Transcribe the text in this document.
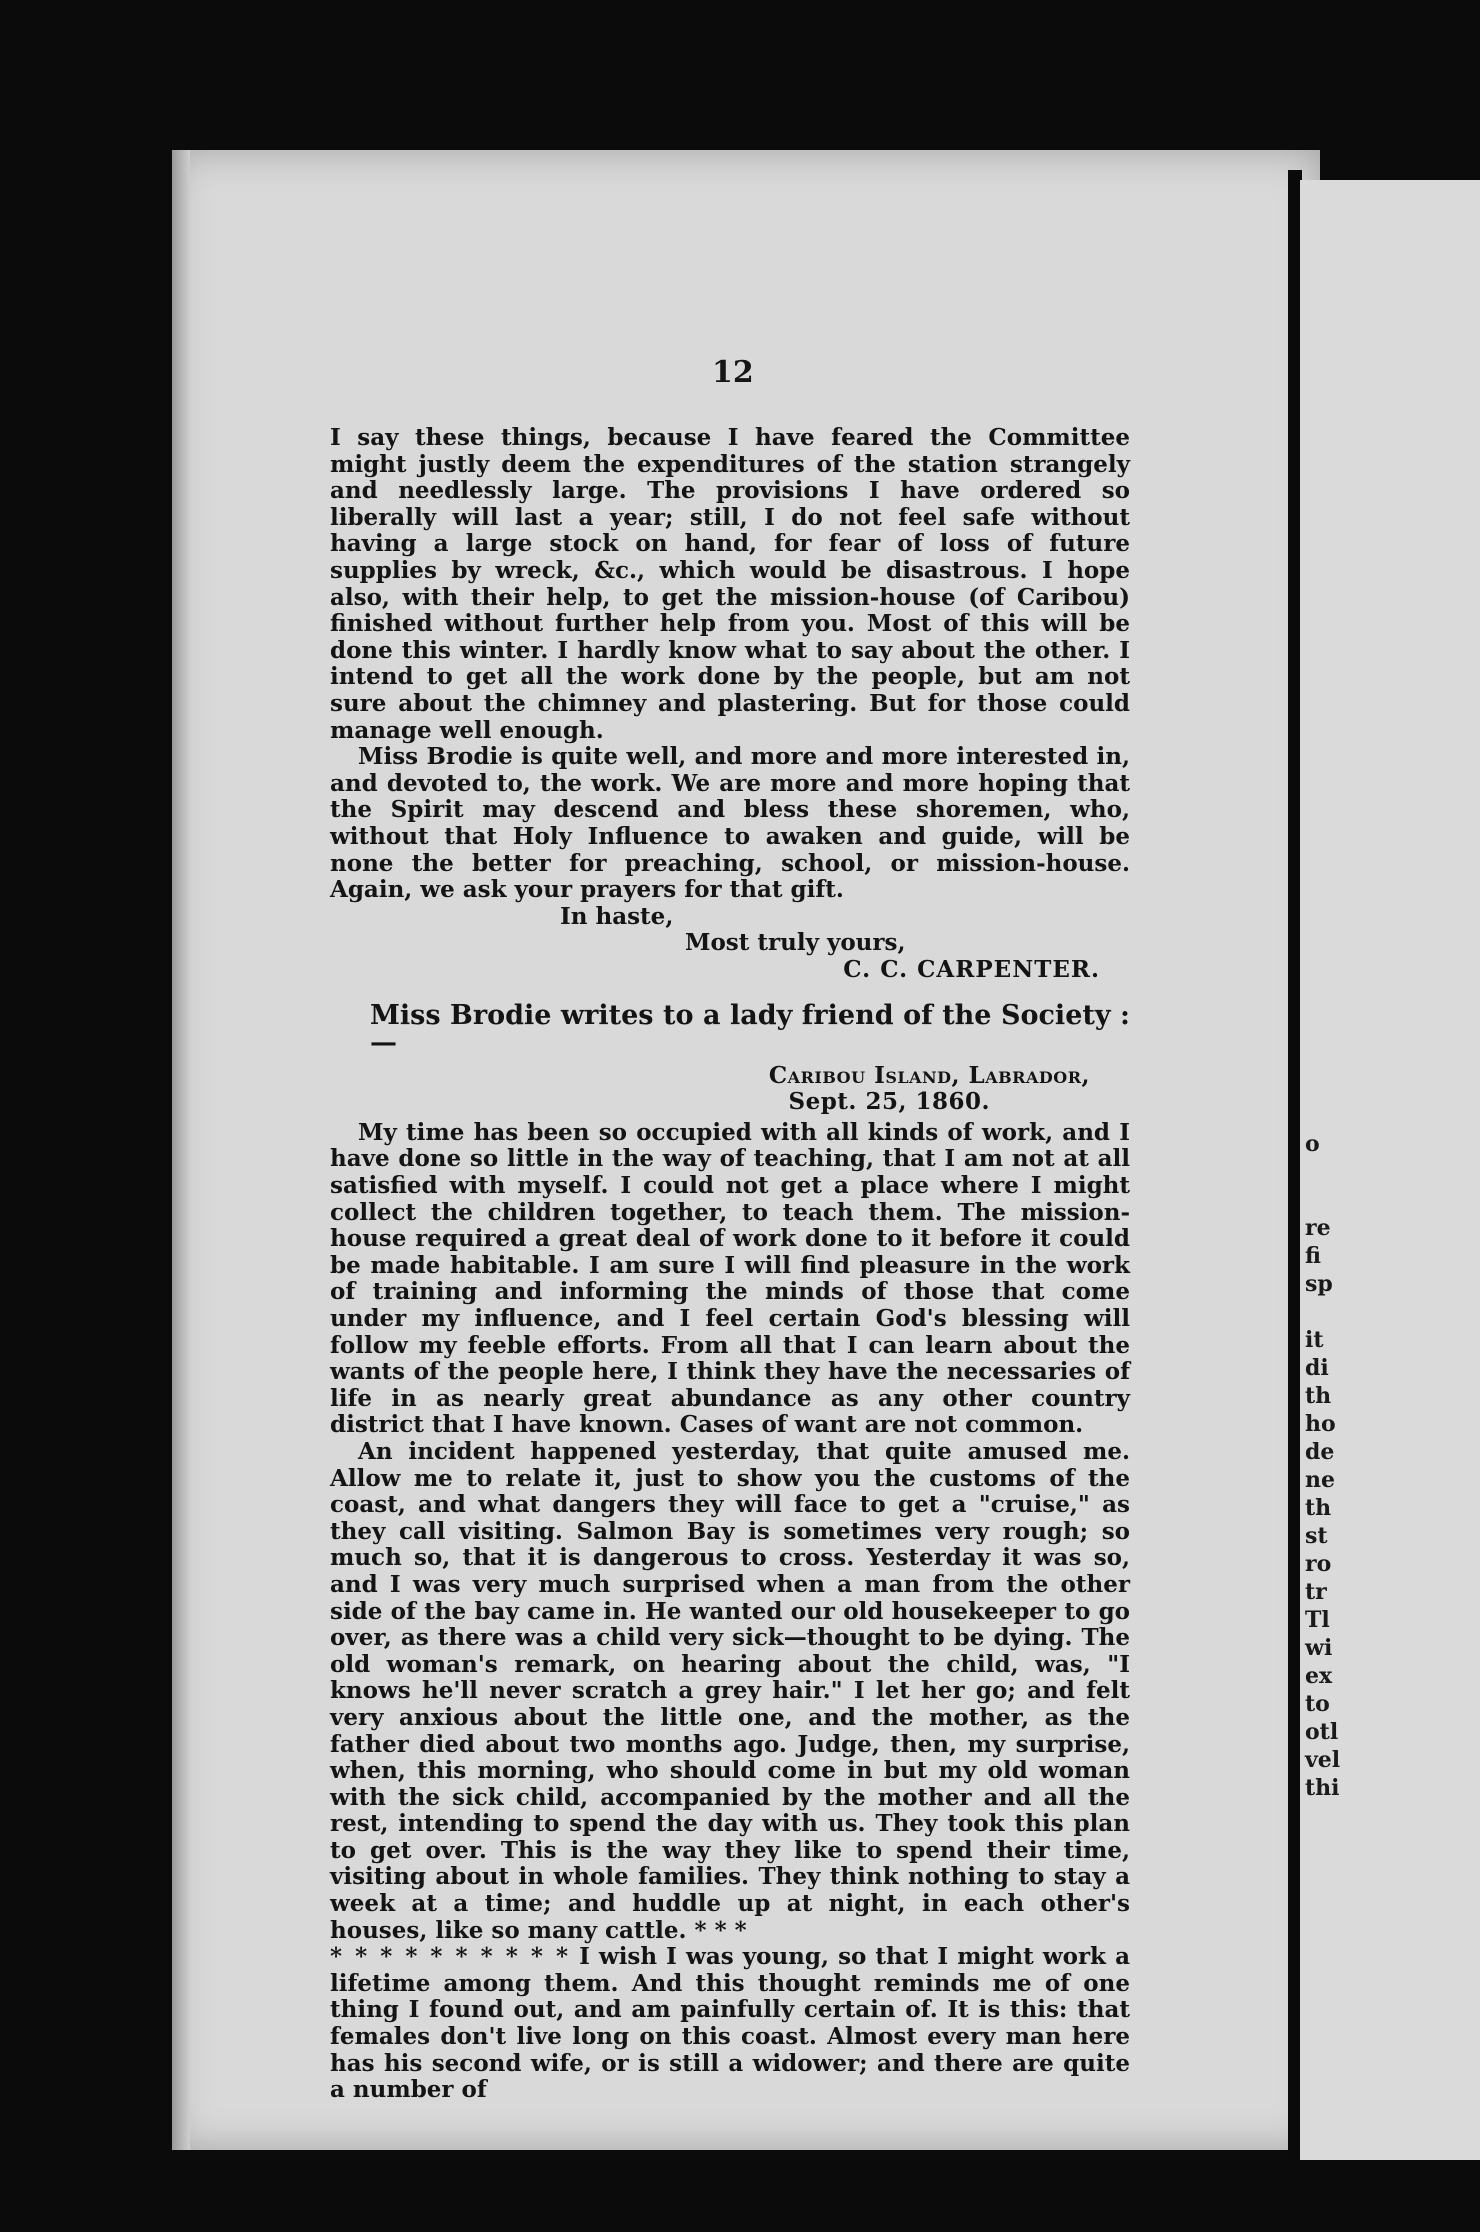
12

I say these things, because I have feared the Committee might justly deem the expenditures of the station strangely and needlessly large. The provisions I have ordered so liberally will last a year; still, I do not feel safe without having a large stock on hand, for fear of loss of future supplies by wreck, &c., which would be disastrous. I hope also, with their help, to get the mission-house (of Caribou) finished without further help from you. Most of this will be done this winter. I hardly know what to say about the other. I intend to get all the work done by the people, but am not sure about the chimney and plastering. But for those could manage well enough.

Miss Brodie is quite well, and more and more interested in, and devoted to, the work. We are more and more hoping that the Spirit may descend and bless these shoremen, who, without that Holy Influence to awaken and guide, will be none the better for preaching, school, or mission-house. Again, we ask your prayers for that gift.

In haste,
Most truly yours,
C. C. CARPENTER.
Miss Brodie writes to a lady friend of the Society :—
Caribou Island, Labrador,
Sept. 25, 1860.

My time has been so occupied with all kinds of work, and I have done so little in the way of teaching, that I am not at all satisfied with myself. I could not get a place where I might collect the children together, to teach them. The mission-house required a great deal of work done to it before it could be made habitable. I am sure I will find pleasure in the work of training and informing the minds of those that come under my influence, and I feel certain God's blessing will follow my feeble efforts. From all that I can learn about the wants of the people here, I think they have the necessaries of life in as nearly great abundance as any other country district that I have known. Cases of want are not common.

An incident happened yesterday, that quite amused me. Allow me to relate it, just to show you the customs of the coast, and what dangers they will face to get a "cruise," as they call visiting. Salmon Bay is sometimes very rough; so much so, that it is dangerous to cross. Yesterday it was so, and I was very much surprised when a man from the other side of the bay came in. He wanted our old housekeeper to go over, as there was a child very sick—thought to be dying. The old woman's remark, on hearing about the child, was, "I knows he'll never scratch a grey hair." I let her go; and felt very anxious about the little one, and the mother, as the father died about two months ago. Judge, then, my surprise, when, this morning, who should come in but my old woman with the sick child, accompanied by the mother and all the rest, intending to spend the day with us. They took this plan to get over. This is the way they like to spend their time, visiting about in whole families. They think nothing to stay a week at a time; and huddle up at night, in each other's houses, like so many cattle. * * *

* * * * * * * * * * I wish I was young, so that I might work a lifetime among them. And this thought reminds me of one thing I found out, and am painfully certain of. It is this: that females don't live long on this coast. Almost every man here has his second wife, or is still a widower; and there are quite a number of

o
re
fi
sp
it
di
th
ho
de
ne
th
st
ro
tr
Tl
wi
ex
to
otl
vel
thi
